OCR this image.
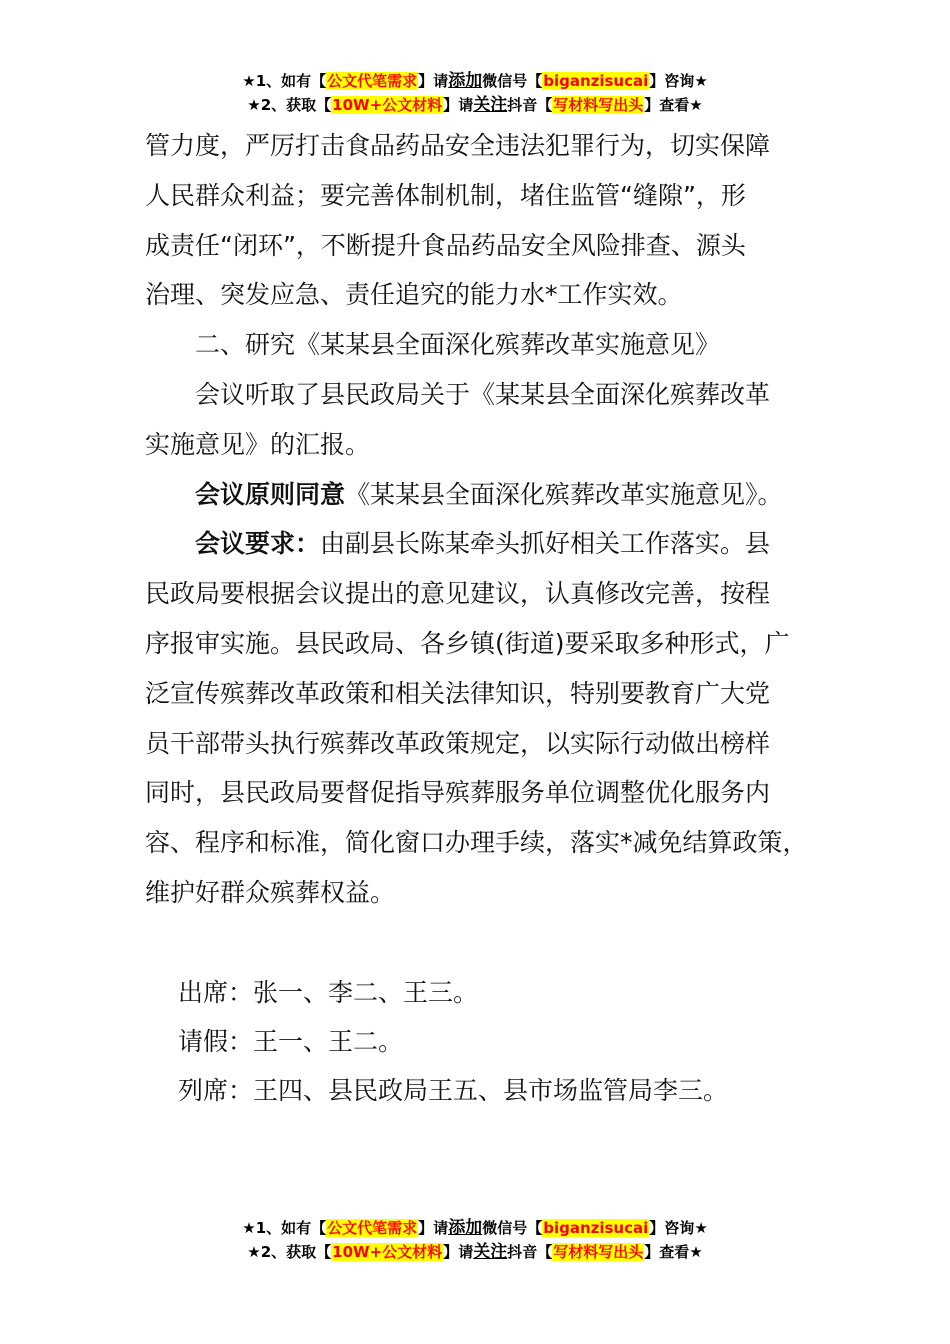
★1、如有【公文代笔需求】请添加微信号【biganzisucai】咨询★
★2、获取【10W+公文材料】请关注抖音【写材料写出头】查看★

管力度，严厉打击食品药品安全违法犯罪行为，切实保障

人民群众利益；要完善体制机制，堵住监管“缝隙”，形

成责任“闭环”，不断提升食品药品安全风险排查、源头

治理、突发应急、责任追究的能力水*工作实效。

二、研究《某某县全面深化殡葬改革实施意见》

会议听取了县民政局关于《某某县全面深化殡葬改革

实施意见》的汇报。

会议原则同意《某某县全面深化殡葬改革实施意见》。

会议要求：由副县长陈某牵头抓好相关工作落实。县

民政局要根据会议提出的意见建议，认真修改完善，按程

序报审实施。县民政局、各乡镇(街道)要采取多种形式，广

泛宣传殡葬改革政策和相关法律知识，特别要教育广大党

员干部带头执行殡葬改革政策规定，以实际行动做出榜样

同时，县民政局要督促指导殡葬服务单位调整优化服务内

容、程序和标准，简化窗口办理手续，落实*减免结算政策，

维护好群众殡葬权益。

出席：张一、李二、王三。

请假：王一、王二。

列席：王四、县民政局王五、县市场监管局李三。

★1、如有【公文代笔需求】请添加微信号【biganzisucai】咨询★
★2、获取【10W+公文材料】请关注抖音【写材料写出头】查看★
